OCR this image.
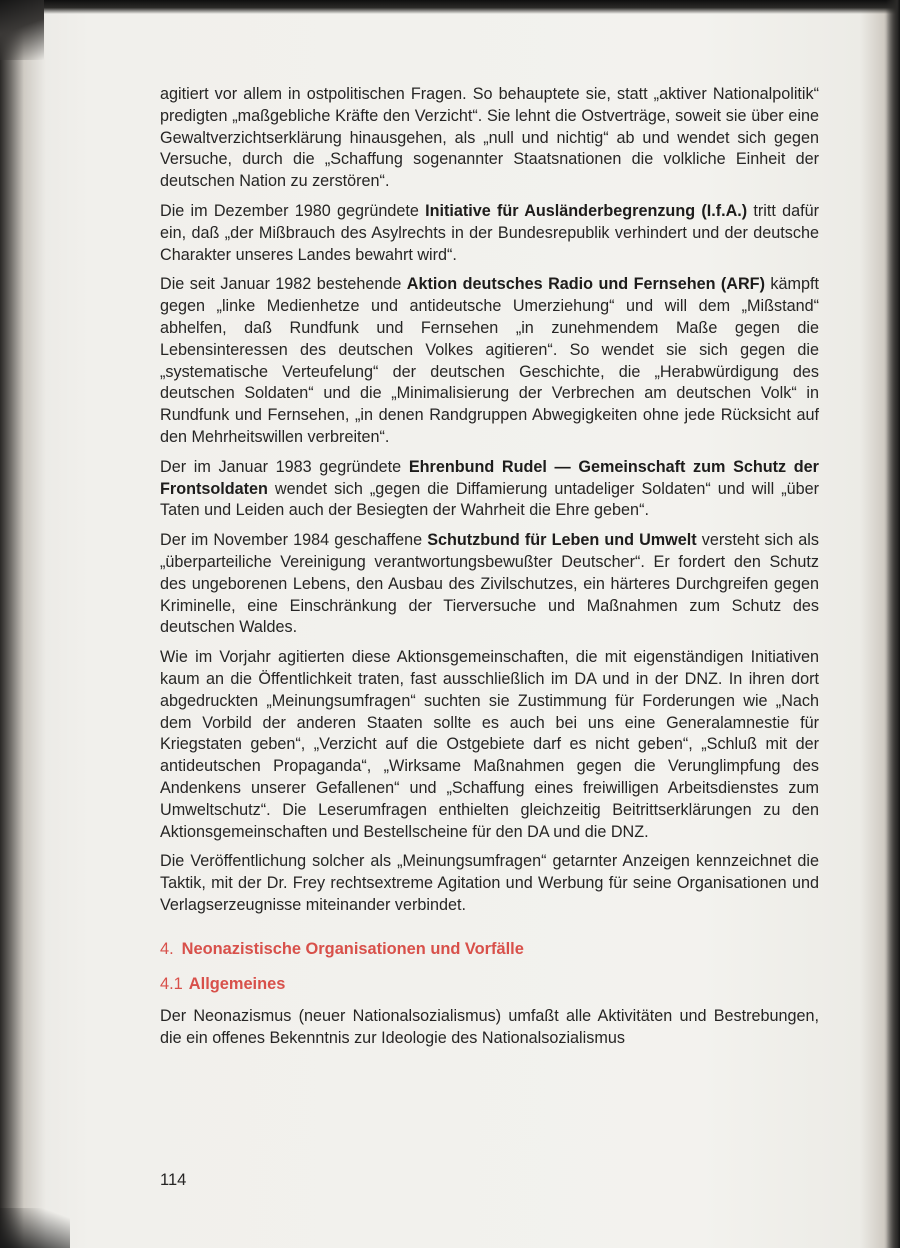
agitiert vor allem in ostpolitischen Fragen. So behauptete sie, statt „aktiver Nationalpolitik“ predigten „maßgebliche Kräfte den Verzicht“. Sie lehnt die Ostverträge, soweit sie über eine Gewaltverzichtserklärung hinausgehen, als „null und nichtig“ ab und wendet sich gegen Versuche, durch die „Schaffung sogenannter Staatsnationen die volkliche Einheit der deutschen Nation zu zerstören“.

Die im Dezember 1980 gegründete Initiative für Ausländerbegrenzung (I.f.A.) tritt dafür ein, daß „der Mißbrauch des Asylrechts in der Bundesrepublik verhindert und der deutsche Charakter unseres Landes bewahrt wird“.

Die seit Januar 1982 bestehende Aktion deutsches Radio und Fernsehen (ARF) kämpft gegen „linke Medienhetze und antideutsche Umerziehung“ und will dem „Mißstand“ abhelfen, daß Rundfunk und Fernsehen „in zunehmendem Maße gegen die Lebensinteressen des deutschen Volkes agitieren“. So wendet sie sich gegen die „systematische Verteufelung“ der deutschen Geschichte, die „Herabwürdigung des deutschen Soldaten“ und die „Minimalisierung der Verbrechen am deutschen Volk“ in Rundfunk und Fernsehen, „in denen Randgruppen Abwegigkeiten ohne jede Rücksicht auf den Mehrheitswillen verbreiten“.

Der im Januar 1983 gegründete Ehrenbund Rudel — Gemeinschaft zum Schutz der Frontsoldaten wendet sich „gegen die Diffamierung untadeliger Soldaten“ und will „über Taten und Leiden auch der Besiegten der Wahrheit die Ehre geben“.

Der im November 1984 geschaffene Schutzbund für Leben und Umwelt versteht sich als „überparteiliche Vereinigung verantwortungsbewußter Deutscher“. Er fordert den Schutz des ungeborenen Lebens, den Ausbau des Zivilschutzes, ein härteres Durchgreifen gegen Kriminelle, eine Einschränkung der Tierversuche und Maßnahmen zum Schutz des deutschen Waldes.

Wie im Vorjahr agitierten diese Aktionsgemeinschaften, die mit eigenständigen Initiativen kaum an die Öffentlichkeit traten, fast ausschließlich im DA und in der DNZ. In ihren dort abgedruckten „Meinungsumfragen“ suchten sie Zustimmung für Forderungen wie „Nach dem Vorbild der anderen Staaten sollte es auch bei uns eine Generalamnestie für Kriegstaten geben“, „Verzicht auf die Ostgebiete darf es nicht geben“, „Schluß mit der antideutschen Propaganda“, „Wirksame Maßnahmen gegen die Verunglimpfung des Andenkens unserer Gefallenen“ und „Schaffung eines freiwilligen Arbeitsdienstes zum Umweltschutz“. Die Leserumfragen enthielten gleichzeitig Beitrittserklärungen zu den Aktionsgemeinschaften und Bestellscheine für den DA und die DNZ.

Die Veröffentlichung solcher als „Meinungsumfragen“ getarnter Anzeigen kennzeichnet die Taktik, mit der Dr. Frey rechtsextreme Agitation und Werbung für seine Organisationen und Verlagserzeugnisse miteinander verbindet.

4. Neonazistische Organisationen und Vorfälle
4.1 Allgemeines

Der Neonazismus (neuer Nationalsozialismus) umfaßt alle Aktivitäten und Bestrebungen, die ein offenes Bekenntnis zur Ideologie des Nationalsozialismus

114
